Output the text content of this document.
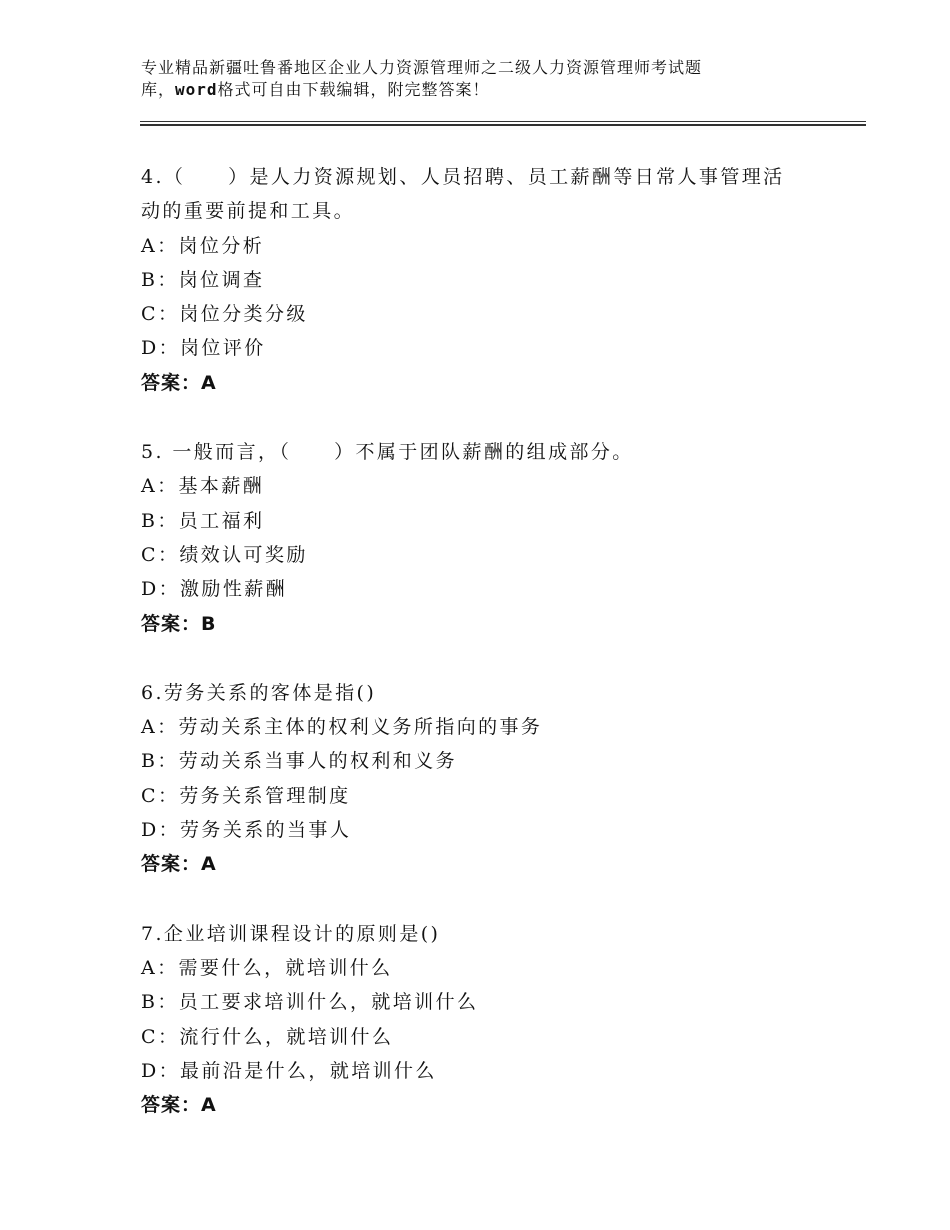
专业精品新疆吐鲁番地区企业人力资源管理师之二级人力资源管理师考试题
库，word格式可自由下载编辑，附完整答案！
4.（　　）是人力资源规划、人员招聘、员工薪酬等日常人事管理活
动的重要前提和工具。
A：岗位分析
B：岗位调查
C：岗位分类分级
D：岗位评价
答案：A
5. 一般而言，（　　）不属于团队薪酬的组成部分。
A：基本薪酬
B：员工福利
C：绩效认可奖励
D：激励性薪酬
答案：B
6.劳务关系的客体是指()
A：劳动关系主体的权利义务所指向的事务
B：劳动关系当事人的权利和义务
C：劳务关系管理制度
D：劳务关系的当事人
答案：A
7.企业培训课程设计的原则是()
A：需要什么，就培训什么
B：员工要求培训什么，就培训什么
C：流行什么，就培训什么
D：最前沿是什么，就培训什么
答案：A
